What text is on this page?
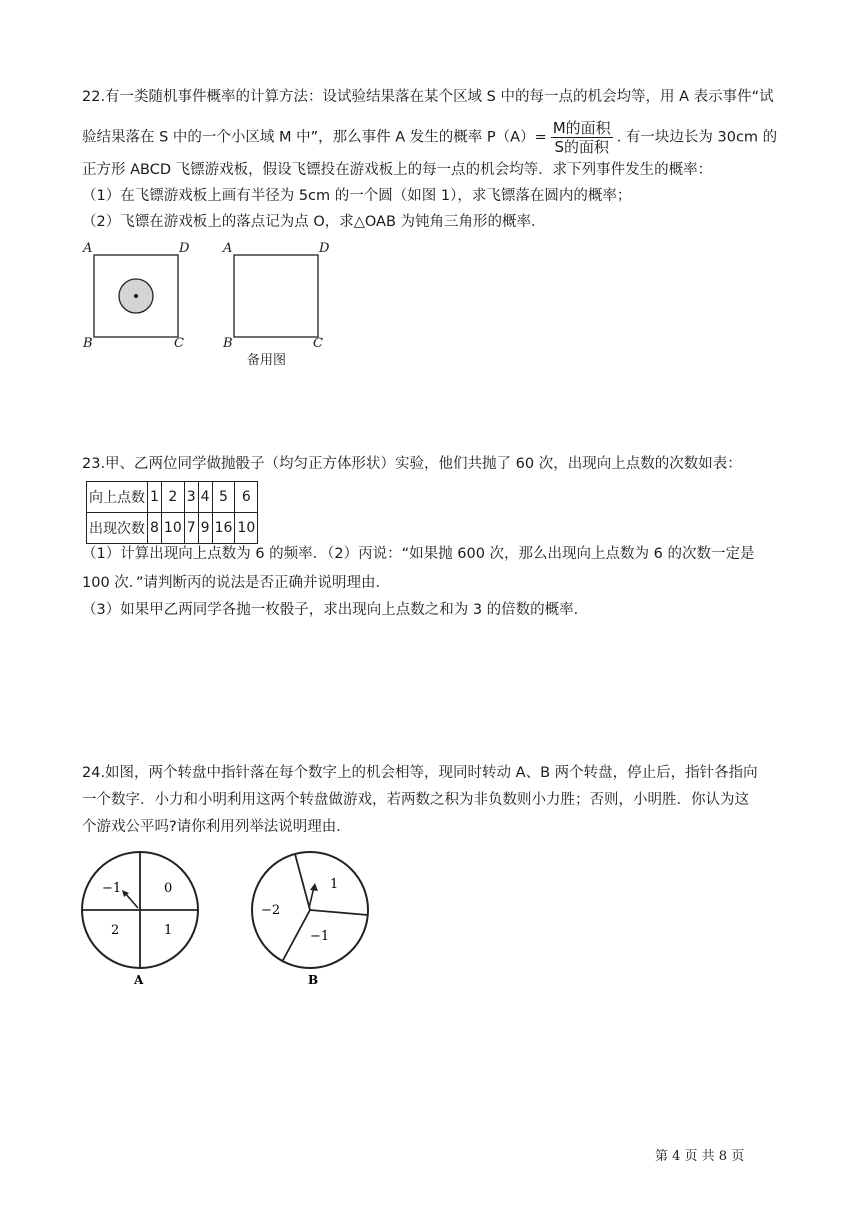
22.有一类随机事件概率的计算方法：设试验结果落在某个区域 S 中的每一点的机会均等，用 A 表示事件“试
验结果落在 S 中的一个小区域 M 中”，那么事件 A 发生的概率 $P(A)= \frac{\text{M的面积}}{\text{S的面积}}$ . 有一块边长为 30cm 的
正方形 ABCD 飞镖游戏板，假设飞镖投在游戏板上的每一点的机会均等．求下列事件发生的概率：
（1）在飞镖游戏板上画有半径为 5cm 的一个圆（如图 1），求飞镖落在圆内的概率；
（2）飞镖在游戏板上的落点记为点 O，求△OAB 为钝角三角形的概率．
A	D
B	C
A	D
B	C
备用图
23.甲、乙两位同学做抛骰子（均匀正方体形状）实验，他们共抛了 60 次，出现向上点数的次数如表：
向上点数	1	2	3	4	5	6
出现次数	8	10	7	9	16	10
（1）计算出现向上点数为 6 的频率．（2）丙说：“如果抛 600 次，那么出现向上点数为 6 的次数一定是
100 次．”请判断丙的说法是否正确并说明理由．
（3）如果甲乙两同学各抛一枚骰子，求出现向上点数之和为 3 的倍数的概率．
24.如图，两个转盘中指针落在每个数字上的机会相等，现同时转动 A、B 两个转盘，停止后，指针各指向
一个数字．小力和小明利用这两个转盘做游戏，若两数之积为非负数则小力胜；否则，小明胜．你认为这
个游戏公平吗?请你利用列举法说明理由．
−1	0
2	1
A
1
−2
−1
B
第 4 页 共 8 页
